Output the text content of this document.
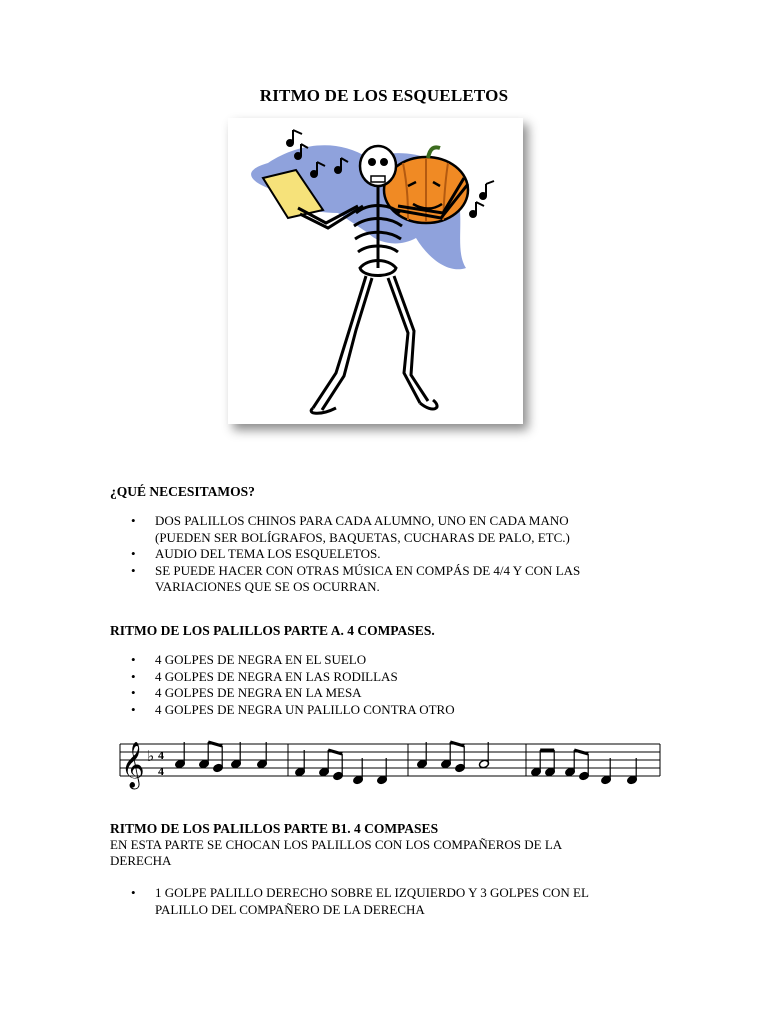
RITMO DE LOS ESQUELETOS
¿QUÉ NECESITAMOS?
• DOS PALILLOS CHINOS PARA CADA ALUMNO, UNO EN CADA MANO
(PUEDEN SER BOLÍGRAFOS, BAQUETAS, CUCHARAS DE PALO, ETC.)
• AUDIO DEL TEMA LOS ESQUELETOS.
• SE PUEDE HACER CON OTRAS MÚSICA EN COMPÁS DE 4/4 Y CON LAS
VARIACIONES QUE SE OS OCURRAN.
RITMO DE LOS PALILLOS PARTE A. 4 COMPASES.
• 4 GOLPES DE NEGRA EN EL SUELO
• 4 GOLPES DE NEGRA EN LAS RODILLAS
• 4 GOLPES DE NEGRA EN LA MESA
• 4 GOLPES DE NEGRA UN PALILLO CONTRA OTRO
𝄞 ♭ 4
4
RITMO DE LOS PALILLOS PARTE B1. 4 COMPASES
EN ESTA PARTE SE CHOCAN LOS PALILLOS CON LOS COMPAÑEROS DE LA
DERECHA
• 1 GOLPE PALILLO DERECHO SOBRE EL IZQUIERDO Y 3 GOLPES CON EL
PALILLO DEL COMPAÑERO DE LA DERECHA
